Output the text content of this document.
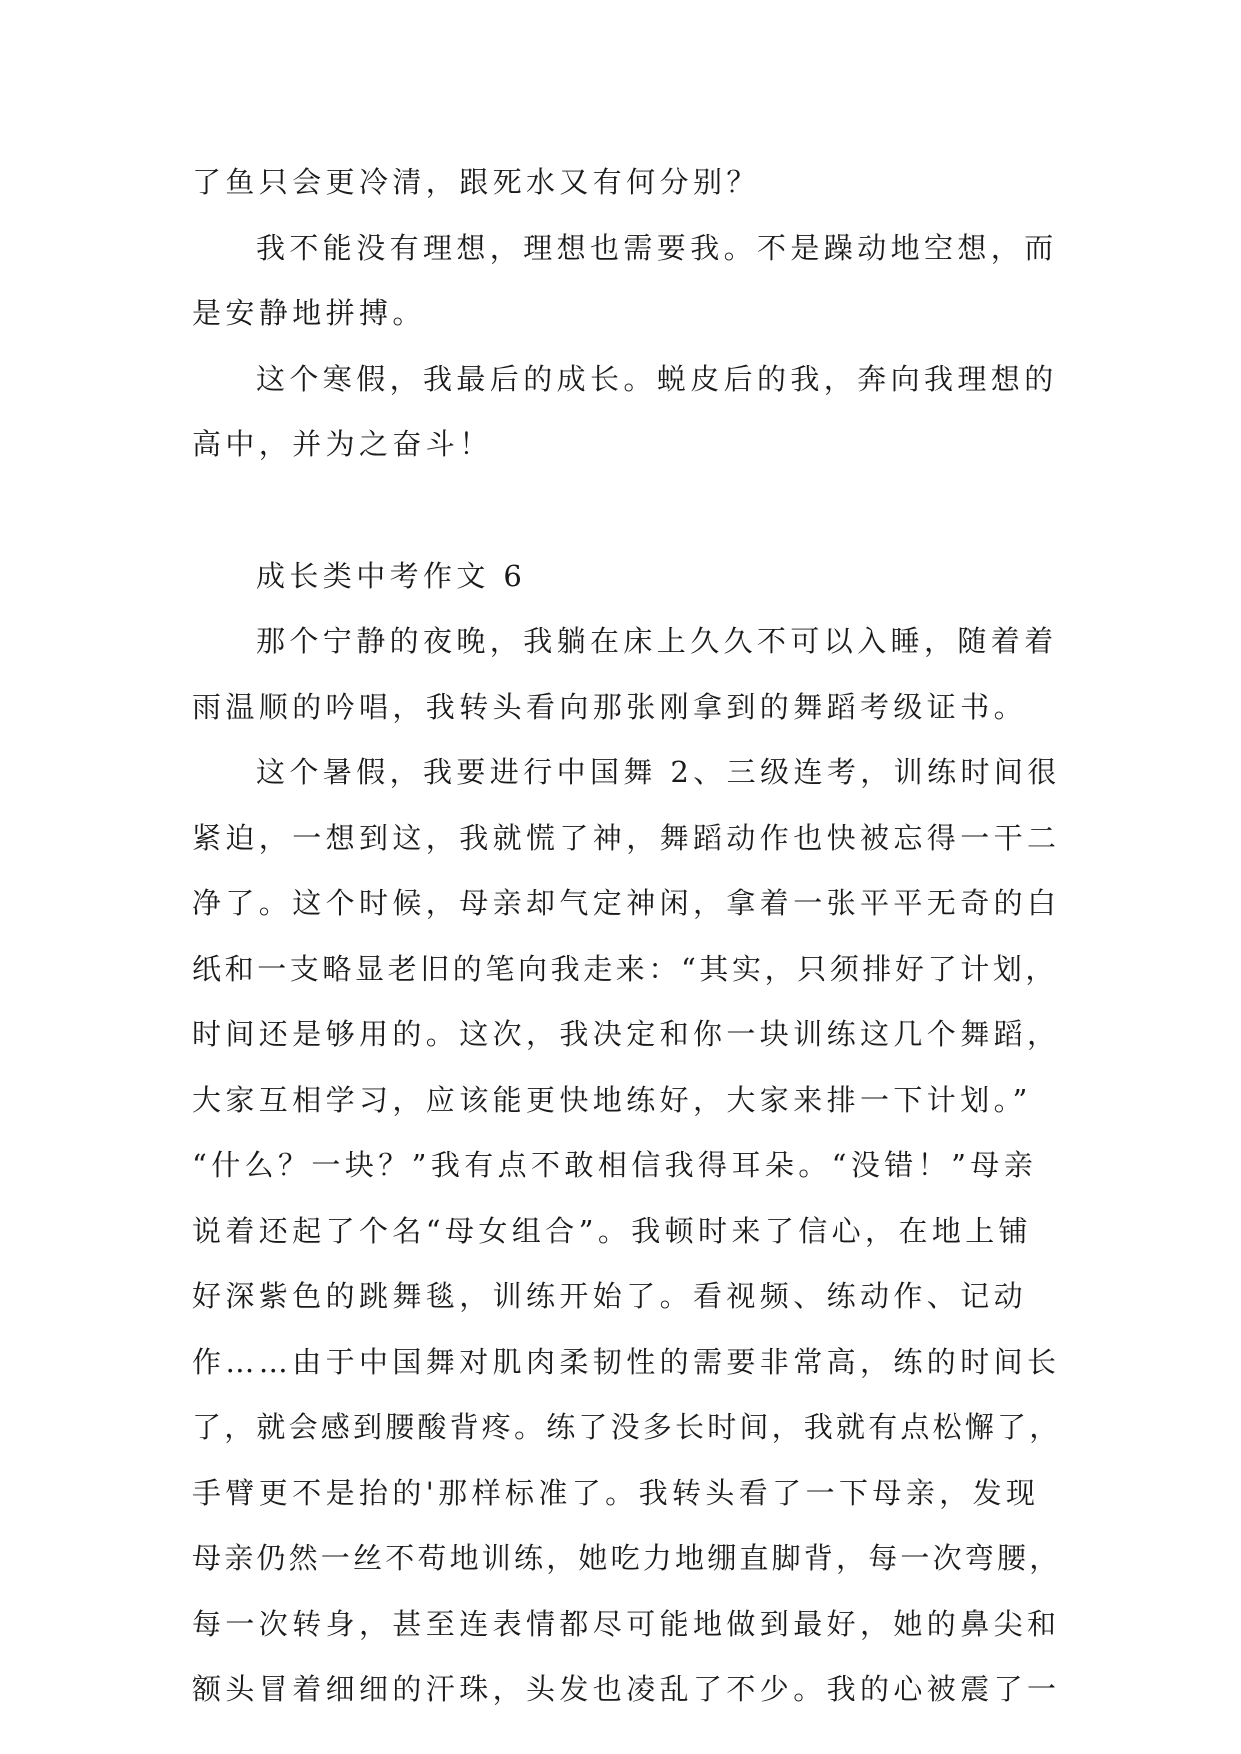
了鱼只会更冷清，跟死水又有何分别？
我不能没有理想，理想也需要我。不是躁动地空想，而
是安静地拼搏。
这个寒假，我最后的成长。蜕皮后的我，奔向我理想的
高中，并为之奋斗！
成长类中考作文 6
那个宁静的夜晚，我躺在床上久久不可以入睡，随着着
雨温顺的吟唱，我转头看向那张刚拿到的舞蹈考级证书。
这个暑假，我要进行中国舞 2、三级连考，训练时间很
紧迫，一想到这，我就慌了神，舞蹈动作也快被忘得一干二
净了。这个时候，母亲却气定神闲，拿着一张平平无奇的白
纸和一支略显老旧的笔向我走来：“其实，只须排好了计划，
时间还是够用的。这次，我决定和你一块训练这几个舞蹈，
大家互相学习，应该能更快地练好，大家来排一下计划。”
“什么？一块？”我有点不敢相信我得耳朵。“没错！”母亲
说着还起了个名“母女组合”。我顿时来了信心，在地上铺
好深紫色的跳舞毯，训练开始了。看视频、练动作、记动
作……由于中国舞对肌肉柔韧性的需要非常高，练的时间长
了，就会感到腰酸背疼。练了没多长时间，我就有点松懈了，
手臂更不是抬的'那样标准了。我转头看了一下母亲，发现
母亲仍然一丝不苟地训练，她吃力地绷直脚背，每一次弯腰，
每一次转身，甚至连表情都尽可能地做到最好，她的鼻尖和
额头冒着细细的汗珠，头发也凌乱了不少。我的心被震了一
